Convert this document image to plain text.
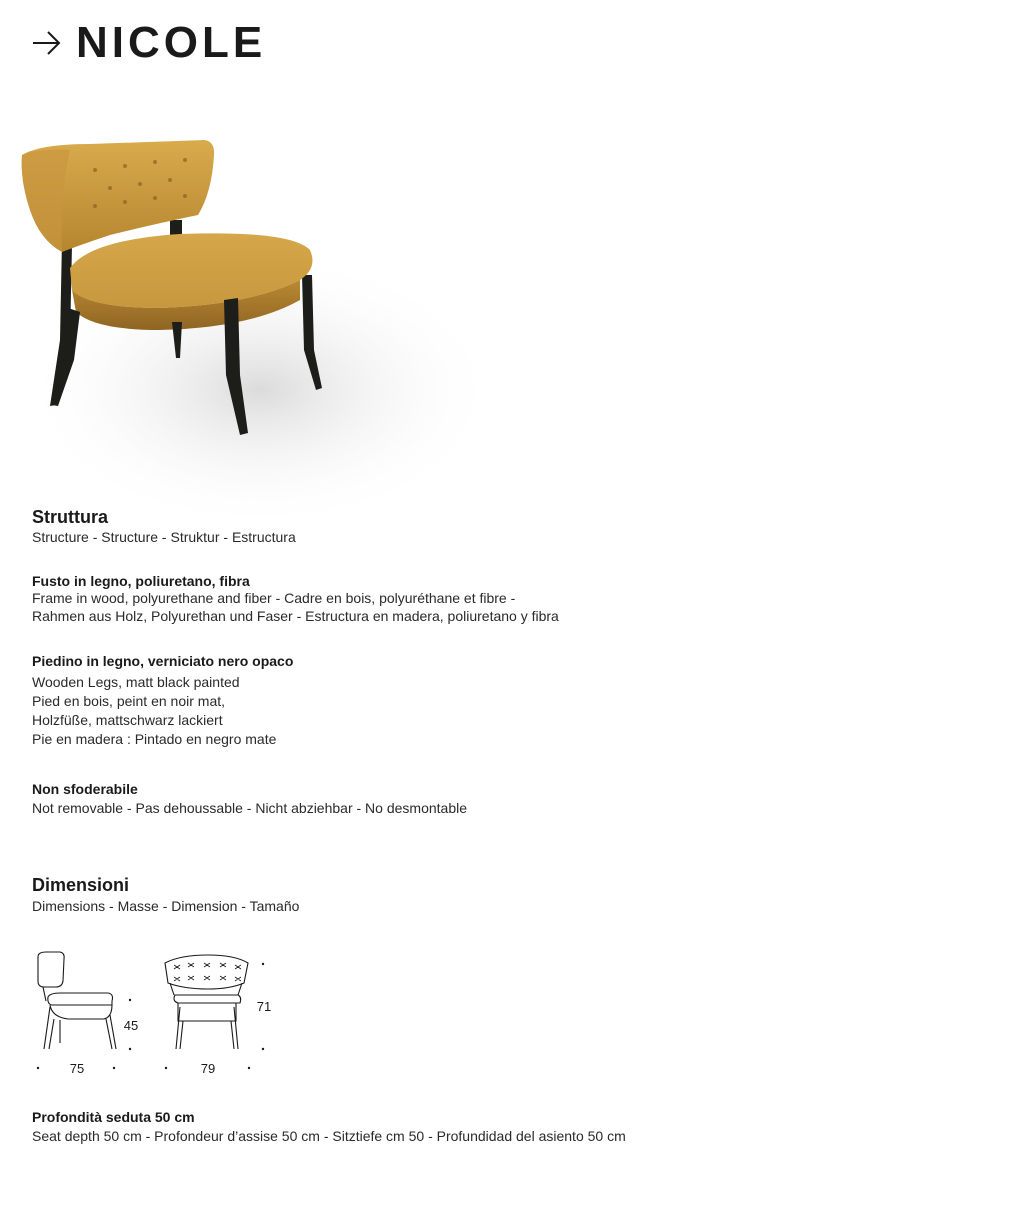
NICOLE
Struttura
Structure - Structure - Struktur - Estructura
Fusto in legno, poliuretano, fibra
Frame in wood, polyurethane and fiber - Cadre en bois, polyuréthane et fibre -
Rahmen aus Holz, Polyurethan und Faser - Estructura en madera, poliuretano y fibra
Piedino in legno, verniciato nero opaco
Wooden Legs, matt black painted
Pied en bois, peint en noir mat,
Holzfüße, mattschwarz lackiert
Pie en madera : Pintado en negro mate
Non sfoderabile
Not removable - Pas dehoussable - Nicht abziehbar - No desmontable
Dimensioni
Dimensions - Masse - Dimension - Tamaño
75
45
79
71
Profondità seduta 50 cm
Seat depth 50 cm - Profondeur d’assise 50 cm - Sitztiefe cm 50 - Profundidad del asiento 50 cm
